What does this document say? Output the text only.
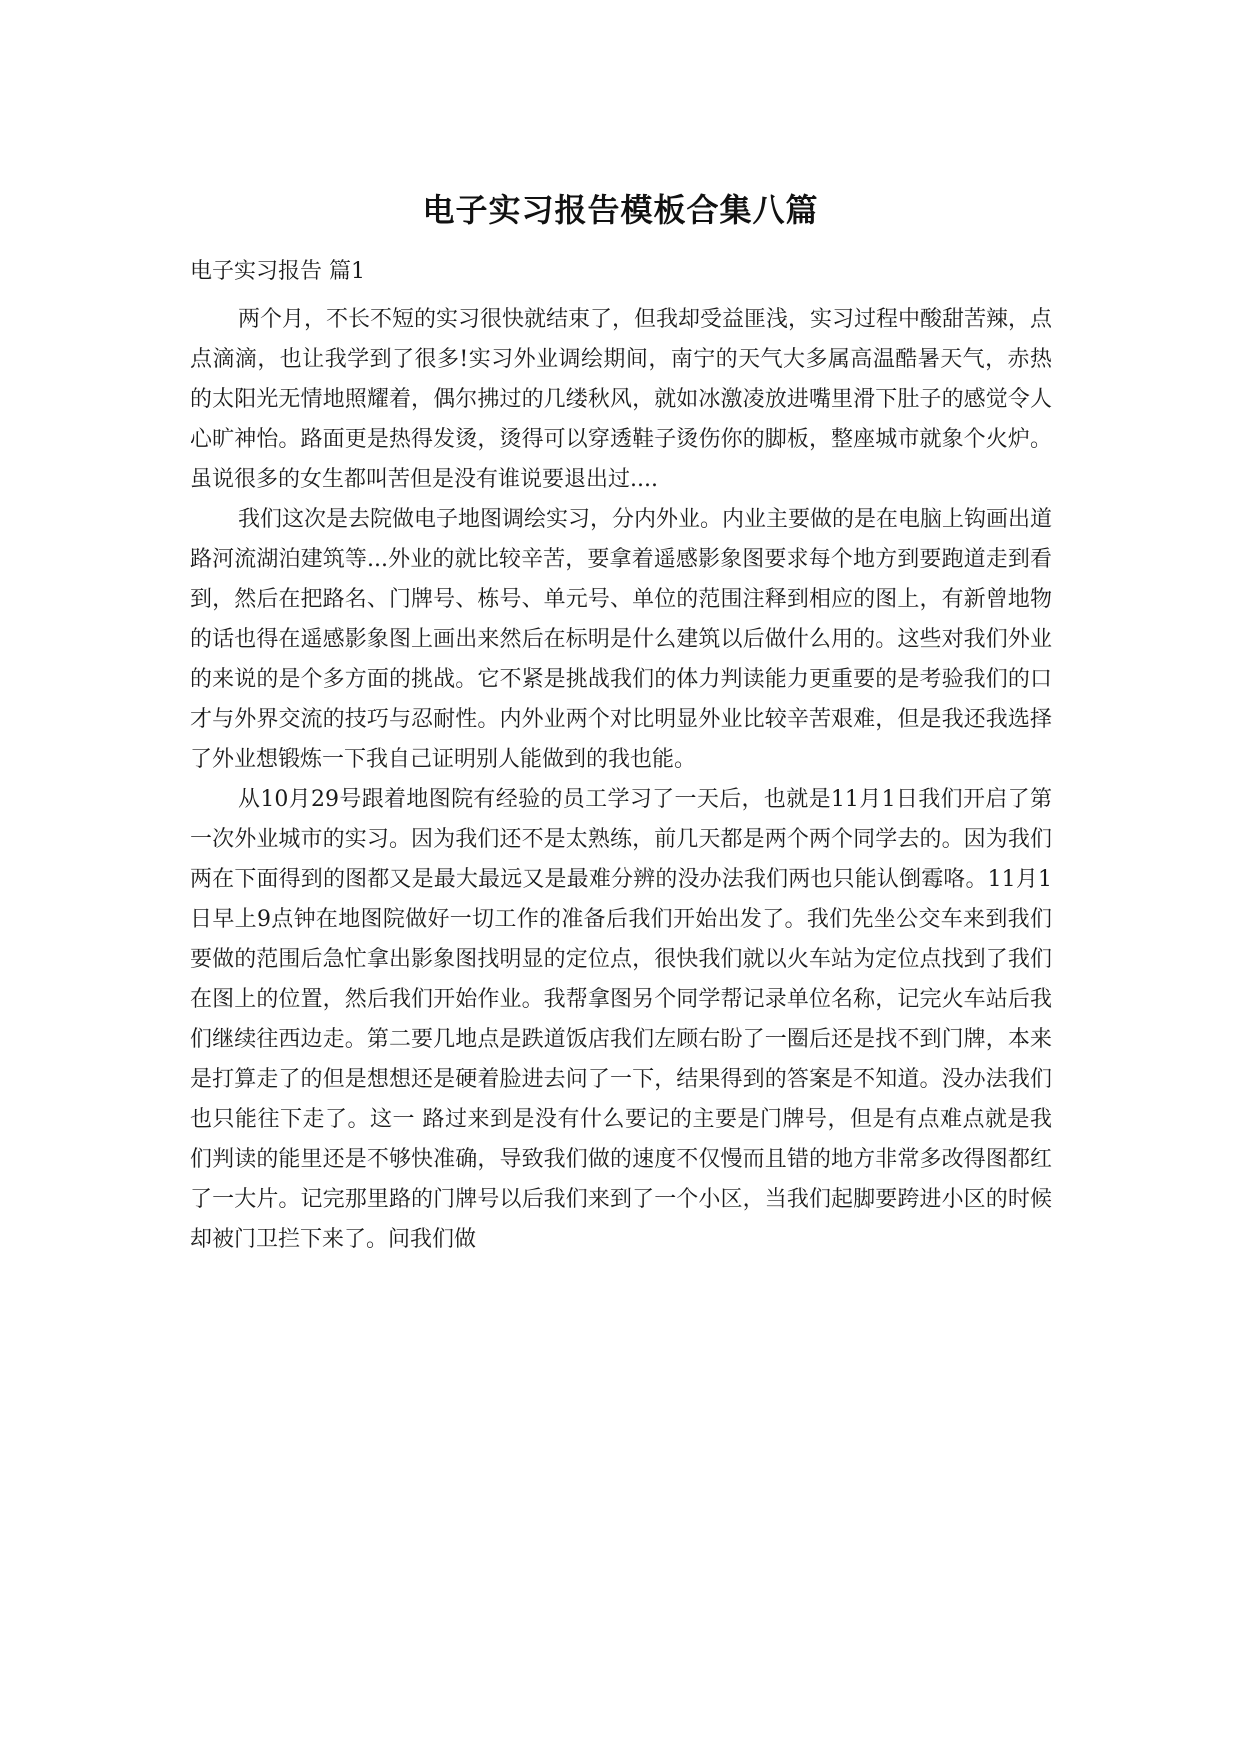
电子实习报告模板合集八篇
电子实习报告 篇1

两个月，不长不短的实习很快就结束了，但我却受益匪浅，实习过程中酸甜苦辣，点点滴滴，也让我学到了很多!实习外业调绘期间，南宁的天气大多属高温酷暑天气，赤热的太阳光无情地照耀着，偶尔拂过的几缕秋风，就如冰激凌放进嘴里滑下肚子的感觉令人心旷神怡。路面更是热得发烫，烫得可以穿透鞋子烫伤你的脚板，整座城市就象个火炉。虽说很多的女生都叫苦但是没有谁说要退出过....

我们这次是去院做电子地图调绘实习，分内外业。内业主要做的是在电脑上钩画出道路河流湖泊建筑等...外业的就比较辛苦，要拿着遥感影象图要求每个地方到要跑道走到看到，然后在把路名、门牌号、栋号、单元号、单位的范围注释到相应的图上，有新曾地物的话也得在遥感影象图上画出来然后在标明是什么建筑以后做什么用的。这些对我们外业的来说的是个多方面的挑战。它不紧是挑战我们的体力判读能力更重要的是考验我们的口才与外界交流的技巧与忍耐性。内外业两个对比明显外业比较辛苦艰难，但是我还我选择了外业想锻炼一下我自己证明别人能做到的我也能。

从10月29号跟着地图院有经验的员工学习了一天后，也就是11月1日我们开启了第一次外业城市的实习。因为我们还不是太熟练，前几天都是两个两个同学去的。因为我们两在下面得到的图都又是最大最远又是最难分辨的没办法我们两也只能认倒霉咯。11月1日早上9点钟在地图院做好一切工作的准备后我们开始出发了。我们先坐公交车来到我们要做的范围后急忙拿出影象图找明显的定位点，很快我们就以火车站为定位点找到了我们在图上的位置，然后我们开始作业。我帮拿图另个同学帮记录单位名称，记完火车站后我们继续往西边走。第二要几地点是跌道饭店我们左顾右盼了一圈后还是找不到门牌，本来是打算走了的但是想想还是硬着脸进去问了一下，结果得到的答案是不知道。没办法我们也只能往下走了。这一 路过来到是没有什么要记的主要是门牌号，但是有点难点就是我们判读的能里还是不够快准确，导致我们做的速度不仅慢而且错的地方非常多改得图都红了一大片。记完那里路的门牌号以后我们来到了一个小区，当我们起脚要跨进小区的时候却被门卫拦下来了。问我们做
